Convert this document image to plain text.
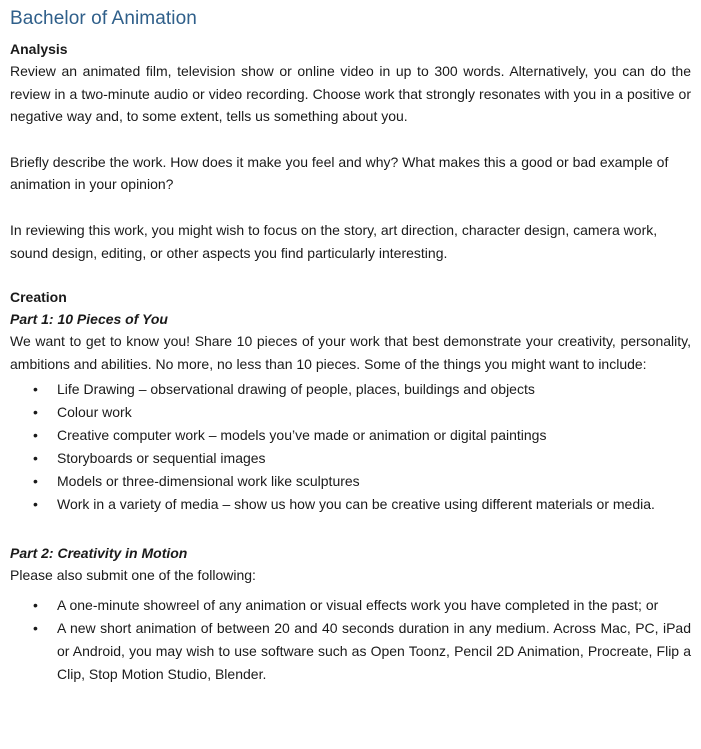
Bachelor of Animation
Analysis

Review an animated film, television show or online video in up to 300 words. Alternatively, you can do the review in a two-minute audio or video recording. Choose work that strongly resonates with you in a positive or negative way and, to some extent, tells us something about you.

Briefly describe the work. How does it make you feel and why? What makes this a good or bad example of animation in your opinion?

In reviewing this work, you might wish to focus on the story, art direction, character design, camera work, sound design, editing, or other aspects you find particularly interesting.

Creation
Part 1: 10 Pieces of You

We want to get to know you! Share 10 pieces of your work that best demonstrate your creativity, personality, ambitions and abilities. No more, no less than 10 pieces. Some of the things you might want to include:

• Life Drawing – observational drawing of people, places, buildings and objects
• Colour work
• Creative computer work – models you’ve made or animation or digital paintings
• Storyboards or sequential images
• Models or three-dimensional work like sculptures
• Work in a variety of media – show us how you can be creative using different materials or media.
Part 2: Creativity in Motion

Please also submit one of the following:

• A one-minute showreel of any animation or visual effects work you have completed in the past; or
• A new short animation of between 20 and 40 seconds duration in any medium. Across Mac, PC, iPad or Android, you may wish to use software such as Open Toonz, Pencil 2D Animation, Procreate, Flip a Clip, Stop Motion Studio, Blender.
